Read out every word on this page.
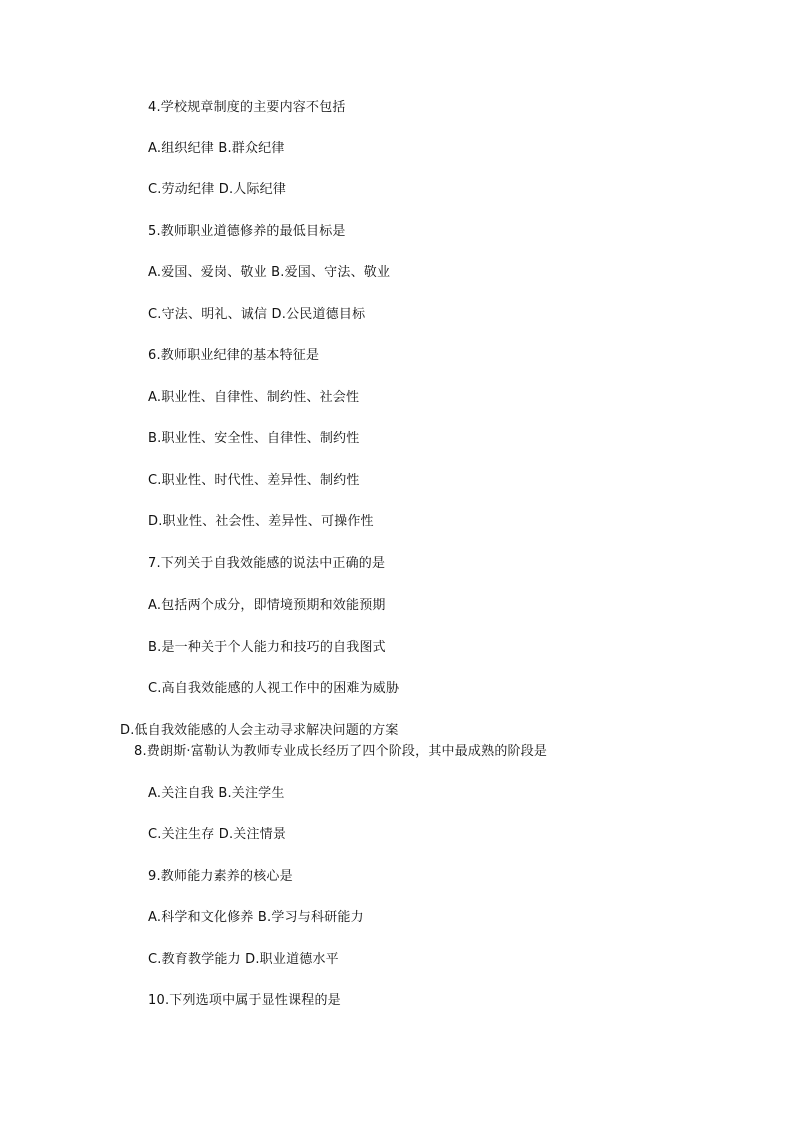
4.学校规章制度的主要内容不包括
A.组织纪律 B.群众纪律
C.劳动纪律 D.人际纪律
5.教师职业道德修养的最低目标是
A.爱国、爱岗、敬业 B.爱国、守法、敬业
C.守法、明礼、诚信 D.公民道德目标
6.教师职业纪律的基本特征是
A.职业性、自律性、制约性、社会性
B.职业性、安全性、自律性、制约性
C.职业性、时代性、差异性、制约性
D.职业性、社会性、差异性、可操作性
7.下列关于自我效能感的说法中正确的是
A.包括两个成分，即情境预期和效能预期
B.是一种关于个人能力和技巧的自我图式
C.高自我效能感的人视工作中的困难为威胁
D.低自我效能感的人会主动寻求解决问题的方案
8.费朗斯·富勒认为教师专业成长经历了四个阶段，其中最成熟的阶段是
A.关注自我 B.关注学生
C.关注生存 D.关注情景
9.教师能力素养的核心是
A.科学和文化修养 B.学习与科研能力
C.教育教学能力 D.职业道德水平
10.下列选项中属于显性课程的是
